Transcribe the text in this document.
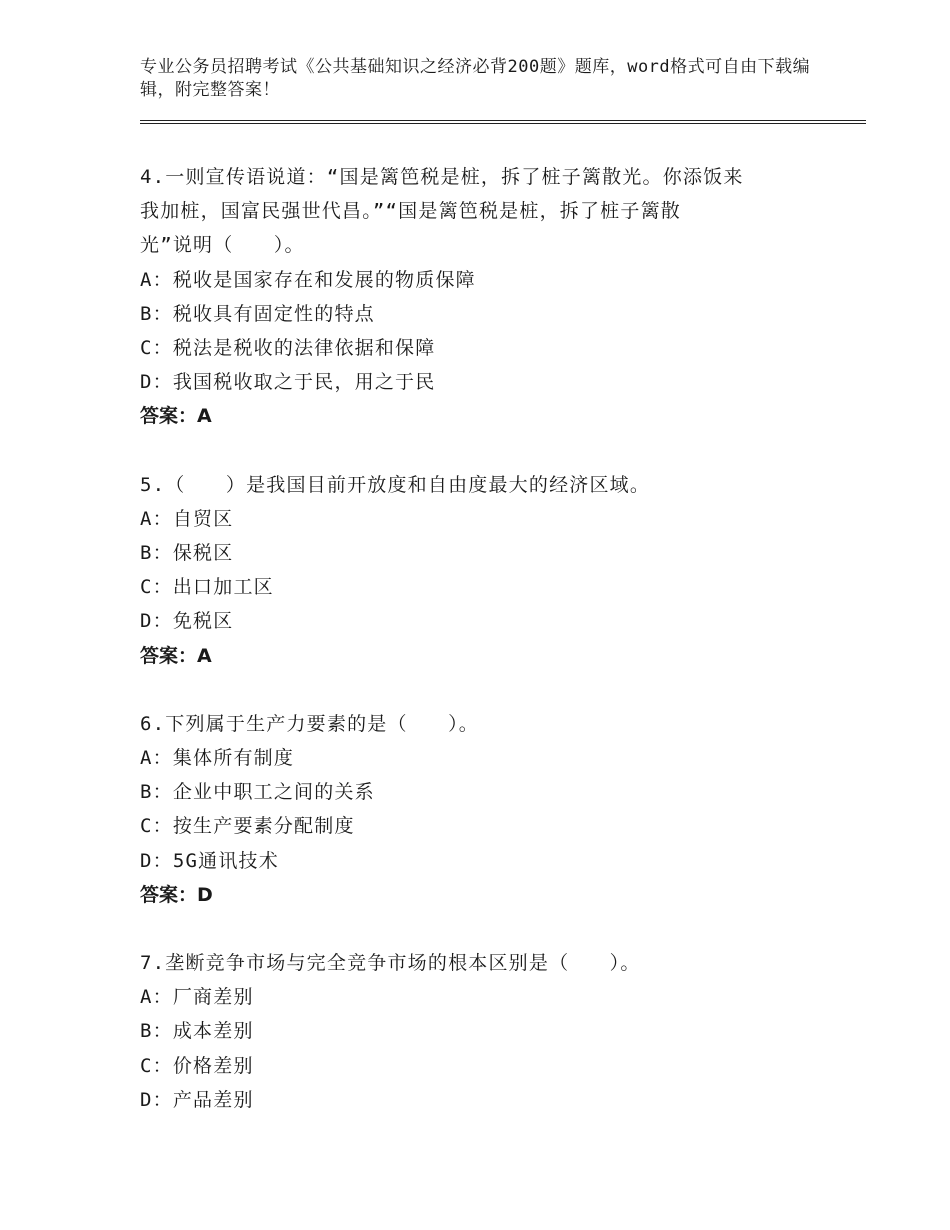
专业公务员招聘考试《公共基础知识之经济必背200题》题库，word格式可自由下载编辑，附完整答案！

4.一则宣传语说道：“国是篱笆税是桩，拆了桩子篱散光。你添饭来

我加桩，国富民强世代昌。”“国是篱笆税是桩，拆了桩子篱散

光”说明（　　）。

A：税收是国家存在和发展的物质保障

B：税收具有固定性的特点

C：税法是税收的法律依据和保障

D：我国税收取之于民，用之于民

答案：A

5.（　　）是我国目前开放度和自由度最大的经济区域。

A：自贸区

B：保税区

C：出口加工区

D：免税区

答案：A

6.下列属于生产力要素的是（　　）。

A：集体所有制度

B：企业中职工之间的关系

C：按生产要素分配制度

D：5G通讯技术

答案：D

7.垄断竞争市场与完全竞争市场的根本区别是（　　）。

A：厂商差别

B：成本差别

C：价格差别

D：产品差别
